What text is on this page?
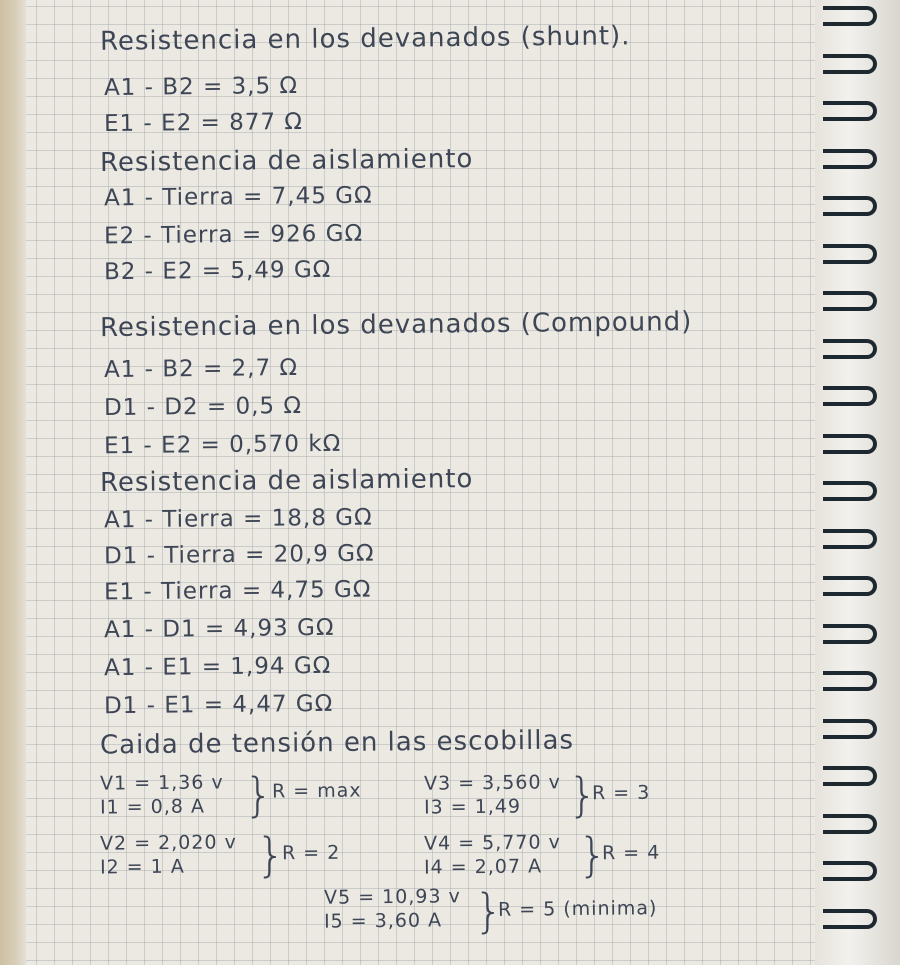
Resistencia en los devanados (shunt).
A1 - B2 = 3,5 Ω
E1 - E2 = 877 Ω
Resistencia de aislamiento
A1 - Tierra = 7,45 GΩ
E2 - Tierra = 926 GΩ
B2 - E2 = 5,49 GΩ
Resistencia en los devanados (Compound)
A1 - B2 = 2,7 Ω
D1 - D2 = 0,5 Ω
E1 - E2 = 0,570 kΩ
Resistencia de aislamiento
A1 - Tierra = 18,8 GΩ
D1 - Tierra = 20,9 GΩ
E1 - Tierra = 4,75 GΩ
A1 - D1 = 4,93 GΩ
A1 - E1 = 1,94 GΩ
D1 - E1 = 4,47 GΩ
Caida de tensión en las escobillas
V1 = 1,36 v
I1 = 0,8 A }
R = max
V2 = 2,020 v
I2 = 1 A }
R = 2
V3 = 3,560 v
I3 = 1,49 }
R = 3
V4 = 5,770 v
I4 = 2,07 A }
R = 4
V5 = 10,93 v
I5 = 3,60 A }
R = 5 (minima)
